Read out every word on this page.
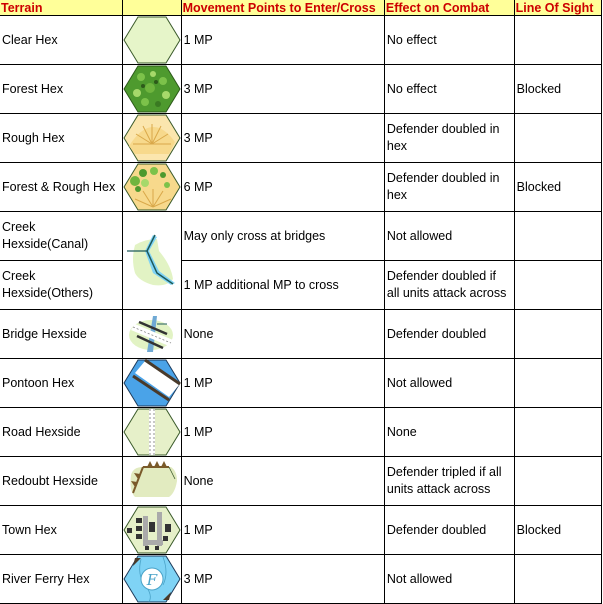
Terrain		Movement Points to Enter/Cross	Effect on Combat	Line Of Sight
Clear Hex		1 MP	No effect	
Forest Hex		3 MP	No effect	Blocked
Rough Hex		3 MP	Defender doubled in hex	
Forest & Rough Hex		6 MP	Defender doubled in hex	Blocked
Creek Hexside(Canal)		May only cross at bridges	Not allowed	
Creek Hexside(Others)		1 MP additional MP to cross	Defender doubled if all units attack across	
Bridge Hexside		None	Defender doubled	
Pontoon Hex		1 MP	Not allowed	
Road Hexside		1 MP	None	
Redoubt Hexside		None	Defender tripled if all units attack across	
Town Hex		1 MP	Defender doubled	Blocked
River Ferry Hex	F	3 MP	Not allowed	
